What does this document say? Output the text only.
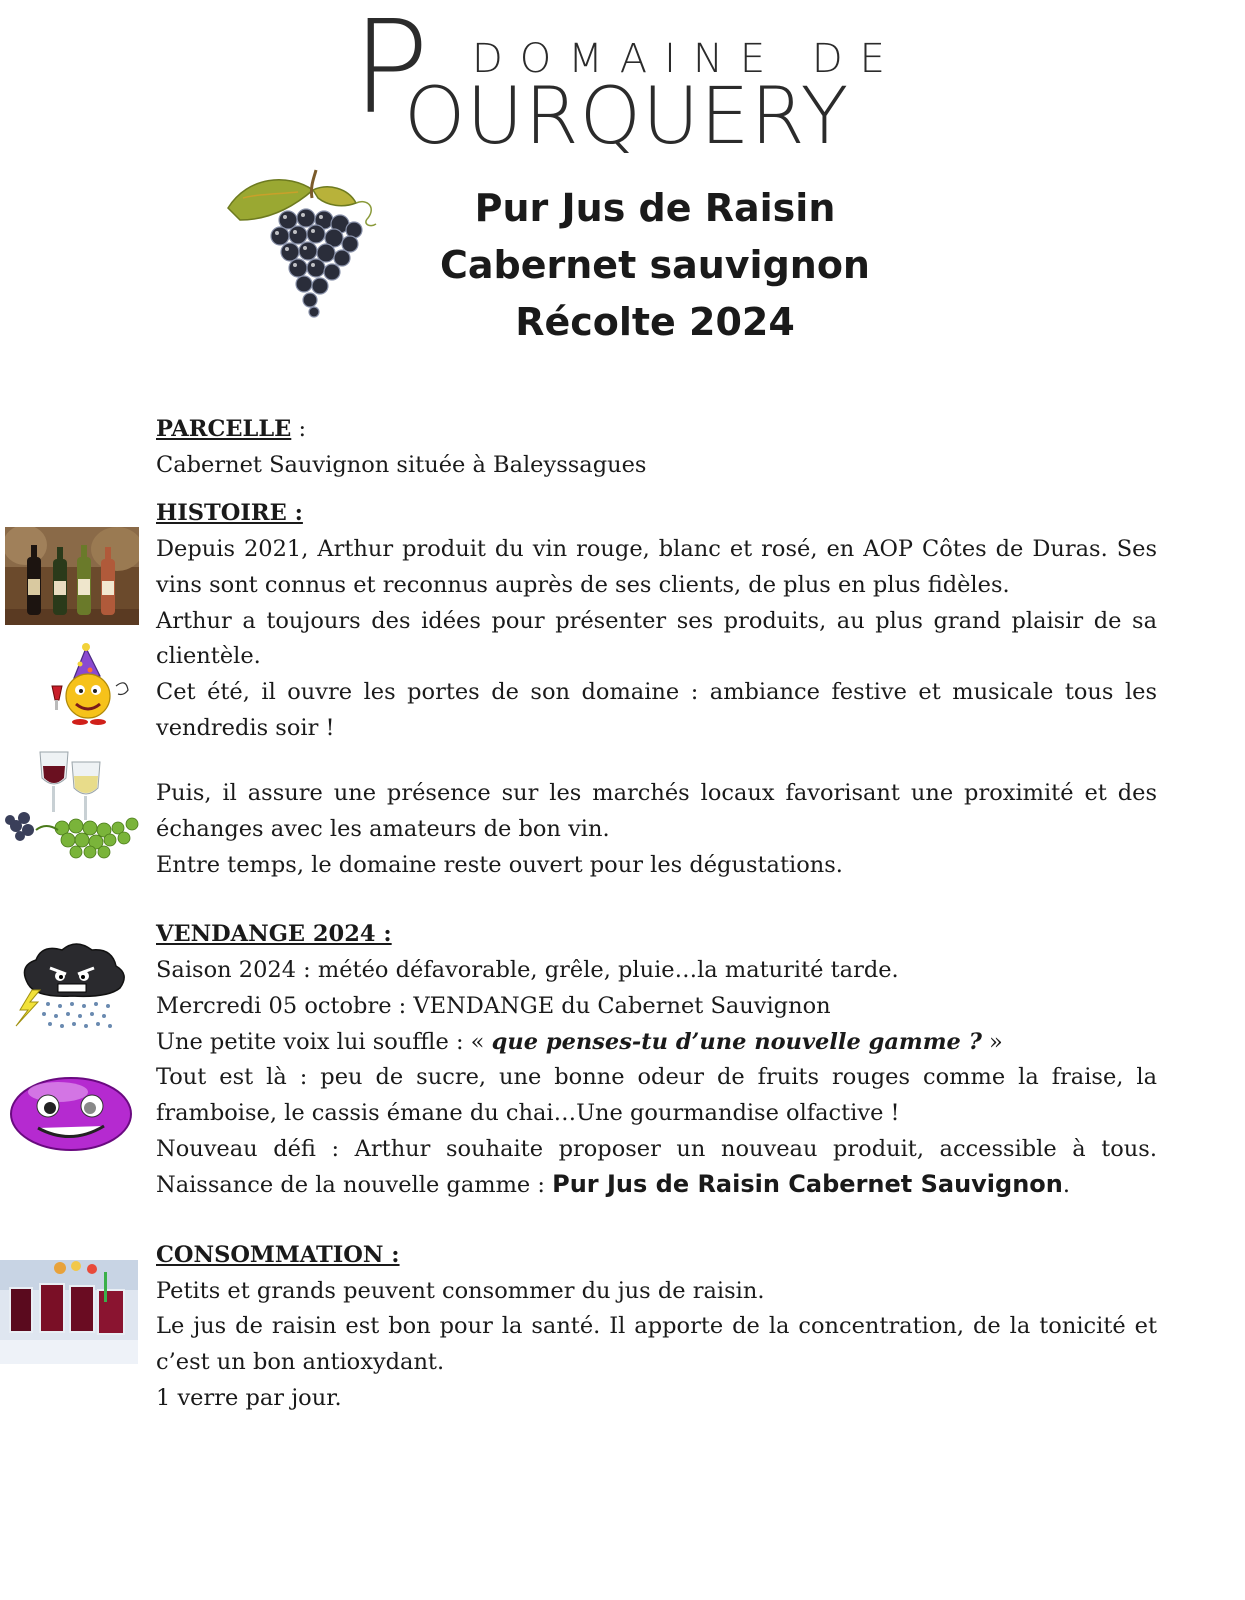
P DOMAINE DE
OURQUERY
Pur Jus de Raisin
Cabernet sauvignon
Récolte 2024
PARCELLE :

Cabernet Sauvignon située à Baleyssagues

HISTOIRE :

Depuis 2021, Arthur produit du vin rouge, blanc et rosé, en AOP Côtes de Duras. Ses vins sont connus et reconnus auprès de ses clients, de plus en plus fidèles.

Arthur a toujours des idées pour présenter ses produits, au plus grand plaisir de sa clientèle.

Cet été, il ouvre les portes de son domaine : ambiance festive et musicale tous les vendredis soir !

Puis, il assure une présence sur les marchés locaux favorisant une proximité et des échanges avec les amateurs de bon vin.

Entre temps, le domaine reste ouvert pour les dégustations.

VENDANGE 2024 :

Saison 2024 : météo défavorable, grêle, pluie…la maturité tarde.

Mercredi 05 octobre : VENDANGE du Cabernet Sauvignon

Une petite voix lui souffle : « que penses-tu d’une nouvelle gamme ? »

Tout est là : peu de sucre, une bonne odeur de fruits rouges comme la fraise, la framboise, le cassis émane du chai…Une gourmandise olfactive !

Nouveau défi : Arthur souhaite proposer un nouveau produit, accessible à tous. Naissance de la nouvelle gamme : Pur Jus de Raisin Cabernet Sauvignon.

CONSOMMATION :

Petits et grands peuvent consommer du jus de raisin.

Le jus de raisin est bon pour la santé. Il apporte de la concentration, de la tonicité et c’est un bon antioxydant.

1 verre par jour.
